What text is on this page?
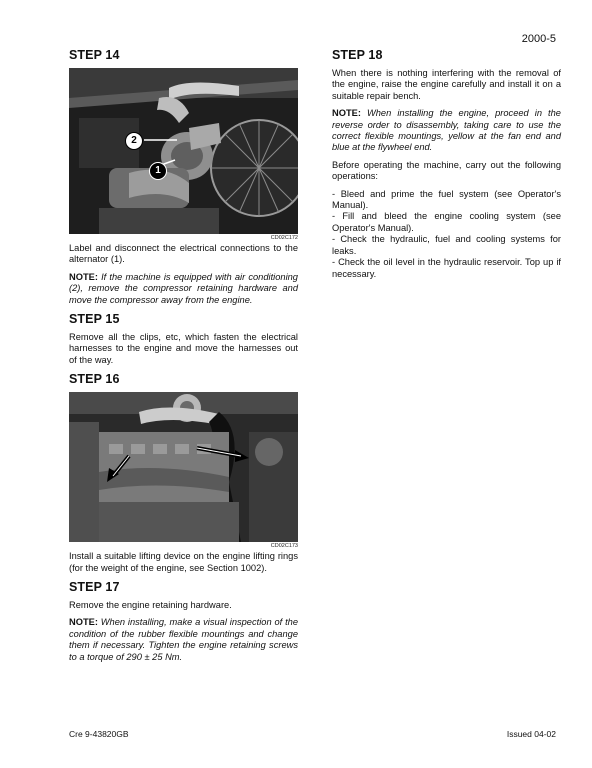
2000-5
STEP 14
2
1
CD02C172

Label and disconnect the electrical connections to the alternator (1).

NOTE: If the machine is equipped with air conditioning (2), remove the compressor retaining hardware and move the compressor away from the engine.

STEP 15

Remove all the clips, etc, which fasten the electrical harnesses to the engine and move the harnesses out of the way.

STEP 16
CD02C173

Install a suitable lifting device on the engine lifting rings (for the weight of the engine, see Section 1002).

STEP 17

Remove the engine retaining hardware.

NOTE: When installing, make a visual inspection of the condition of the rubber flexible mountings and change them if necessary. Tighten the engine retaining screws to a torque of 290 ± 25 Nm.

STEP 18

When there is nothing interfering with the removal of the engine, raise the engine carefully and install it on a suitable repair bench.

NOTE: When installing the engine, proceed in the reverse order to disassembly, taking care to use the correct flexible mountings, yellow at the fan end and blue at the flywheel end.

Before operating the machine, carry out the following operations:

- Bleed and prime the fuel system (see Operator's Manual).
- Fill and bleed the engine cooling system (see Operator's Manual).
- Check the hydraulic, fuel and cooling systems for leaks.
- Check the oil level in the hydraulic reservoir. Top up if necessary.
Cre 9-43820GB	Issued 04-02
